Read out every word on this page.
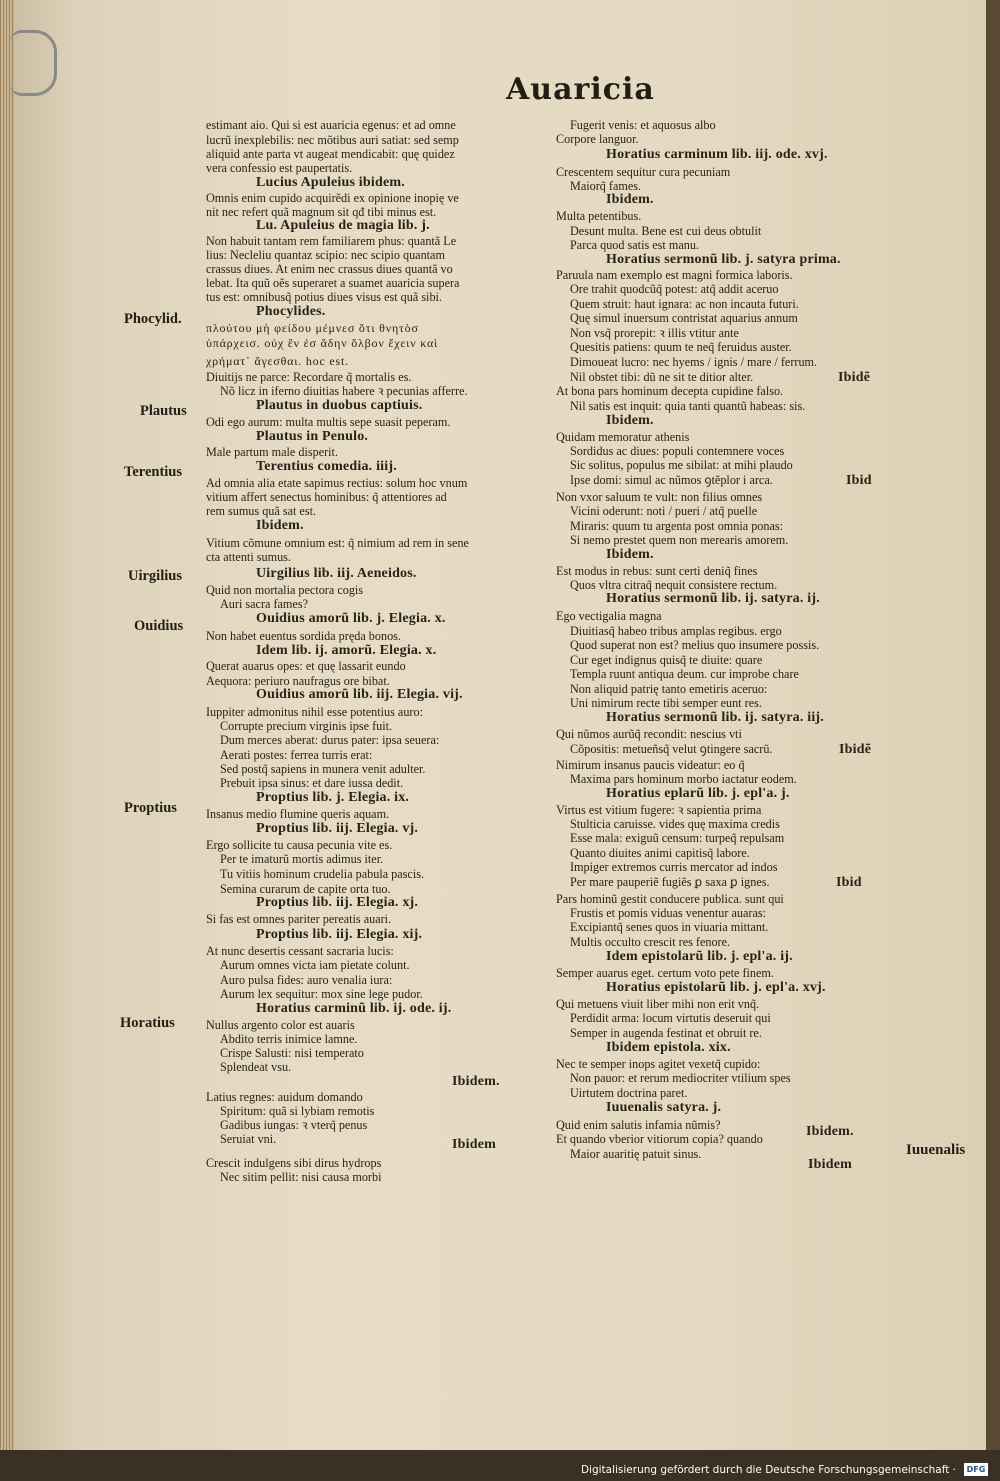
Auaricia
Phocylid.
Plautus
Terentius
Uirgilius
Ouidius
Proptius
Horatius
estimant aio. Qui si est auaricia egenus: et ad omne
lucrũ inexplebilis: nec mõtibus auri satiat: sed semp
aliquid ante parta vt augeat mendicabit: quę quidez
vera confessio est paupertatis.
Lucius Apuleius ibidem.
Omnis enim cupido acquirẽdi ex opinione inopię ve
nit nec refert quã magnum sit qđ tibi minus est.
Lu. Apuleius de magia lib. j.
Non habuit tantam rem familiarem phus: quantã Le
lius: Necleliu quantaz scipio: nec scipio quantam
crassus diues. At enim nec crassus diues quantã vo
lebat. Ita quũ oẽs superaret a suamet auaricia supera
tus est: omnibusq̃ potius diues visus est quã sibi.
Phocylides.
πλούτου μὴ φείδου μέμνεσ ὅτι θνητὸσ
ὑπάρχεισ. οὐχ ἔν ἐσ ἅδην ὄλβον ἔχειν καὶ
χρήματ᾽ ἄγεσθαι. hoc est.
Diuitijs ne parce: Recordare q̃ mortalis es.
Nõ licz in iferno diuitias habere ꝛ pecunias afferre.
Plautus in duobus captiuis.
Odi ego aurum: multa multis sepe suasit peperam.
Plautus in Penulo.
Male partum male disperit.
Terentius comedia. iiij.
Ad omnia alia etate sapimus rectius: solum hoc vnum
vitium affert senectus hominibus: q̃ attentiores ad
rem sumus quã sat est.
Ibidem.
Vitium cõmune omnium est: q̃ nimium ad rem in sene
cta attenti sumus.
Uirgilius lib. iij. Aeneidos.
Quid non mortalia pectora cogis
Auri sacra fames?
Ouidius amorũ lib. j. Elegia. x.
Non habet euentus sordida pręda bonos.
Idem lib. ij. amorũ. Elegia. x.
Querat auarus opes: et quę lassarit eundo
Aequora: periuro naufragus ore bibat.
Ouidius amorũ lib. iij. Elegia. vij.
Iuppiter admonitus nihil esse potentius auro:
Corrupte precium virginis ipse fuit.
Dum merces aberat: durus pater: ipsa seuera:
Aerati postes: ferrea turris erat:
Sed postq̃ sapiens in munera venit adulter.
Prebuit ipsa sinus: et dare iussa dedit.
Proptius lib. j. Elegia. ix.
Insanus medio flumine queris aquam.
Proptius lib. iij. Elegia. vj.
Ergo sollicite tu causa pecunia vite es.
Per te imaturũ mortis adimus iter.
Tu vitiis hominum crudelia pabula pascis.
Semina curarum de capite orta tuo.
Proptius lib. iij. Elegia. xj.
Si fas est omnes pariter pereatis auari.
Proptius lib. iij. Elegia. xij.
At nunc desertis cessant sacraria lucis:
Aurum omnes victa iam pietate colunt.
Auro pulsa fides: auro venalia iura:
Aurum lex sequitur: mox sine lege pudor.
Horatius carminũ lib. ij. ode. ij.
Nullus argento color est auaris
Abdito terris inimice lamne.
Crispe Salusti: nisi temperato
Splendeat vsu.
Ibidem.
Latius regnes: auidum domando
Spiritum: quã si lybiam remotis
Gadibus iungas: ꝛ vterq̃ penus
Seruiat vni.	Ibidem
Crescit indulgens sibi dirus hydrops
Nec sitim pellit: nisi causa morbi
Fugerit venis: et aquosus albo
Corpore languor.
Horatius carminum lib. iij. ode. xvj.
Crescentem sequitur cura pecuniam
Maiorq̃ fames.
Ibidem.
Multa petentibus.
Desunt multa. Bene est cui deus obtulit
Parca quod satis est manu.
Horatius sermonũ lib. j. satyra prima.
Paruula nam exemplo est magni formica laboris.
Ore trahit quodcũq̃ potest: atq̃ addit aceruo
Quem struit: haut ignara: ac non incauta futuri.
Quę simul inuersum contristat aquarius annum
Non vsq̃ prorepit: ꝛ illis vtitur ante
Quesitis patiens: quum te neq̃ feruidus auster.
Dimoueat lucro: nec hyems / ignis / mare / ferrum.
Nil obstet tibi: dũ ne sit te ditior alter.	Ibidẽ
At bona pars hominum decepta cupidine falso.
Nil satis est inquit: quia tanti quantũ habeas: sis.
Ibidem.
Quidam memoratur athenis
Sordidus ac diues: populi contemnere voces
Sic solitus, populus me sibilat: at mihi plaudo
Ipse domi: simul ac nũmos ꝯtẽplor i arca.	Ibid
Non vxor saluum te vult: non filius omnes
Vicini oderunt: noti / pueri / atq̃ puelle
Miraris: quum tu argenta post omnia ponas:
Si nemo prestet quem non merearis amorem.
Ibidem.
Est modus in rebus: sunt certi deniq̃ fines
Quos vltra citraq̃ nequit consistere rectum.
Horatius sermonũ lib. ij. satyra. ij.
Ego vectigalia magna
Diuitiasq̃ habeo tribus amplas regibus. ergo
Quod superat non est? melius quo insumere possis.
Cur eget indignus quisq̃ te diuite: quare
Templa ruunt antiqua deum. cur improbe chare
Non aliquid patrię tanto emetiris aceruo:
Uni nimirum recte tibi semper eunt res.
Horatius sermonũ lib. ij. satyra. iij.
Qui nũmos aurũq̃ recondit: nescius vti
Cõpositis: metueñsq̃ velut ꝯtingere sacrũ.	Ibidẽ
Nimirum insanus paucis videatur: eo q̃
Maxima pars hominum morbo iactatur eodem.
Horatius eplarũ lib. j. epl'a. j.
Virtus est vitium fugere: ꝛ sapientia prima
Stulticia caruisse. vides quę maxima credis
Esse mala: exiguũ censum: turpeq̃ repulsam
Quanto diuites animi capitisq̃ labore.
Impiger extremos curris mercator ad indos
Per mare pauperiẽ fugiẽs ꝑ saxa ꝑ ignes.	Ibid
Pars hominũ gestit conducere publica. sunt qui
Frustis et pomis viduas venentur auaras:
Excipiantq̃ senes quos in viuaria mittant.
Multis occulto crescit res fenore.
Idem epistolarũ lib. j. epl'a. ij.
Semper auarus eget. certum voto pete finem.
Horatius epistolarũ lib. j. epl'a. xvj.
Qui metuens viuit liber mihi non erit vnq̃.
Perdidit arma: locum virtutis deseruit qui
Semper in augenda festinat et obruit re.
Ibidem epistola. xix.
Nec te semper inops agitet vexetq̃ cupido:
Non pauor: et rerum mediocriter vtilium spes
Uirtutem doctrina paret.
Iuuenalis satyra. j.
Ibidem.
Quid enim salutis infamia nũmis?
Et quando vberior vitiorum copia? quando
Maior auaritię patuit sinus.
Ibidem
Iuuenalis
Digitalisierung gefördert durch die Deutsche Forschungsgemeinschaft ·	DFG
